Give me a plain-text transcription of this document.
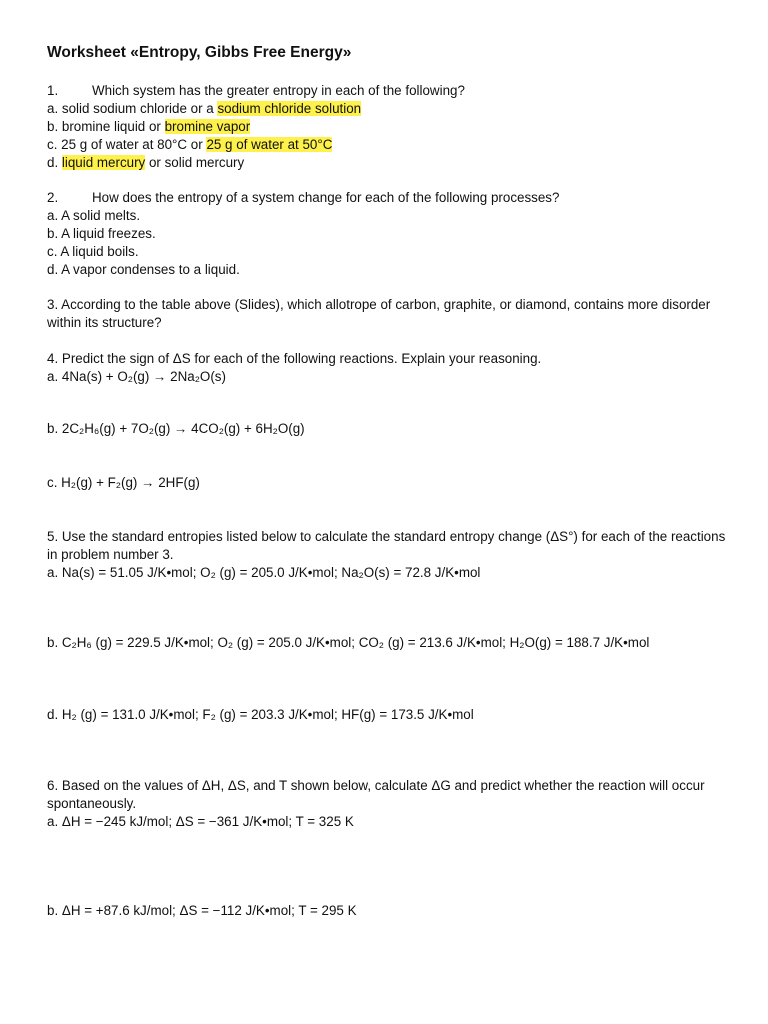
Worksheet «Entropy, Gibbs Free Energy»
1.	Which system has the greater entropy in each of the following?
a. solid sodium chloride or a sodium chloride solution
b. bromine liquid or bromine vapor
c. 25 g of water at 80°C or 25 g of water at 50°C
d. liquid mercury or solid mercury
2.	How does the entropy of a system change for each of the following processes?
a. A solid melts.
b. A liquid freezes.
c. A liquid boils.
d. A vapor condenses to a liquid.
3. According to the table above (Slides), which allotrope of carbon, graphite, or diamond, contains more disorder within its structure?
4. Predict the sign of ΔS for each of the following reactions. Explain your reasoning.
a. 4Na(s) + O₂(g) → 2Na₂O(s)
b. 2C₂H₆(g) + 7O₂(g) → 4CO₂(g) + 6H₂O(g)
c. H₂(g) + F₂(g) → 2HF(g)
5. Use the standard entropies listed below to calculate the standard entropy change (ΔS°) for each of the reactions in problem number 3.
a. Na(s) = 51.05 J/K•mol; O₂ (g) = 205.0 J/K•mol; Na₂O(s) = 72.8 J/K•mol
b. C₂H₆ (g) = 229.5 J/K•mol; O₂ (g) = 205.0 J/K•mol; CO₂ (g) = 213.6 J/K•mol; H₂O(g) = 188.7 J/K•mol
d. H₂ (g) = 131.0 J/K•mol; F₂ (g) = 203.3 J/K•mol; HF(g) = 173.5 J/K•mol
6. Based on the values of ΔH, ΔS, and T shown below, calculate ΔG and predict whether the reaction will occur spontaneously.
a. ΔH = −245 kJ/mol; ΔS = −361 J/K•mol; T = 325 K
b. ΔH = +87.6 kJ/mol; ΔS = −112 J/K•mol; T = 295 K
